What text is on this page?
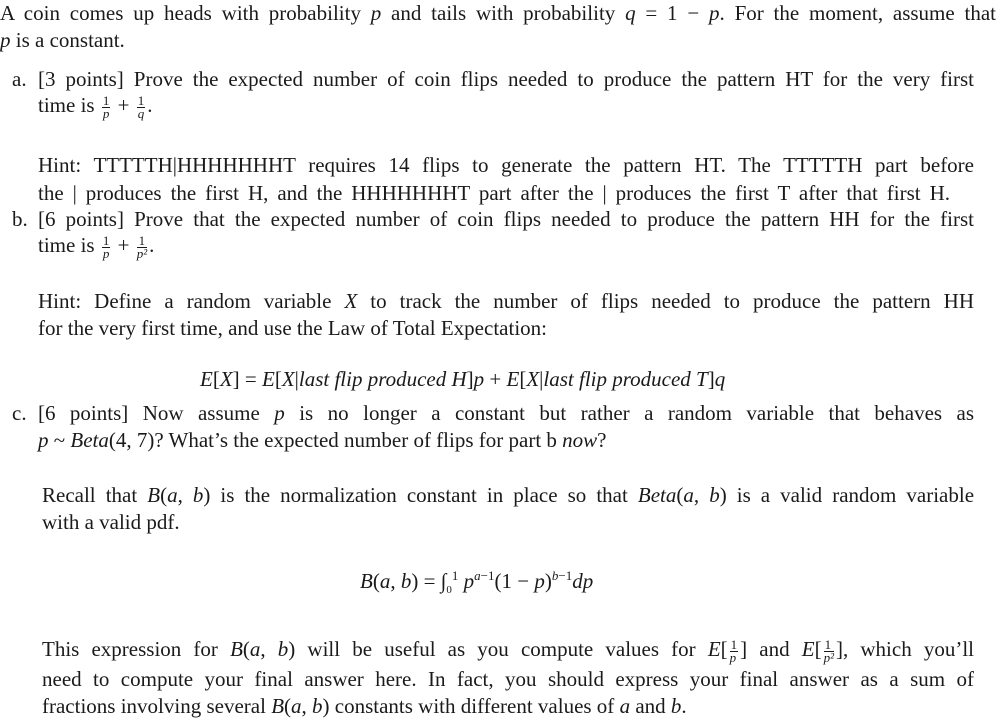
A coin comes up heads with probability p and tails with probability q = 1 − p. For the moment, assume that
p is a constant.
a. [3 points] Prove the expected number of coin flips needed to produce the pattern HT for the very first
time is $\frac{1}{p} + \frac{1}{q}$ .
Hint: TTTTTH|HHHHHHHT requires 14 flips to generate the pattern HT. The TTTTTH part before
the | produces the first H, and the HHHHHHHT part after the | produces the first T after that first H.
b. [6 points] Prove that the expected number of coin flips needed to produce the pattern HH for the first
time is $\frac{1}{p} + \frac{1}{\text{p²}}$ .
Hint: Define a random variable X to track the number of flips needed to produce the pattern HH
for the very first time, and use the Law of Total Expectation:
E[X] = E[X|last flip produced H]p + E[X|last flip produced T]q
c. [6 points] Now assume p is no longer a constant but rather a random variable that behaves as
p ~ Beta(4, 7)? What’s the expected number of flips for part b now?
Recall that B(a, b) is the normalization constant in place so that Beta(a, b) is a valid random variable
with a valid pdf.
B(a, $b) = \int_0^1$ $p^{a-1}(1 - p)^{b-1}dp$
This expression for B(a, b) will be useful as you compute values for $E[ \frac{1}{p}$ ] and $E[ \frac{1}{\text{p²}}$ ], which you’ll
need to compute your final answer here. In fact, you should express your final answer as a sum of
fractions involving several B(a, b) constants with different values of a and b.
